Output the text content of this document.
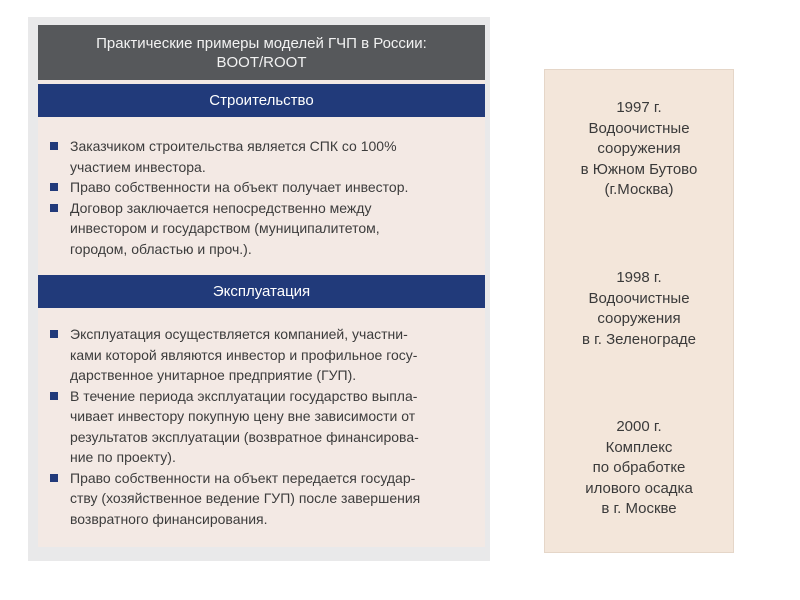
Практические примеры моделей ГЧП в России:
BOOT/ROOT
Строительство
Заказчиком строительства является СПК со 100%
участием инвестора.
Право собственности на объект получает инвестор.
Договор заключается непосредственно между
инвестором и государством (муниципалитетом,
городом, областью и проч.).
Эксплуатация
Эксплуатация осуществляется компанией, участни-
ками которой являются инвестор и профильное госу-
дарственное унитарное предприятие (ГУП).
В течение периода эксплуатации государство выпла-
чивает инвестору покупную цену вне зависимости от
результатов эксплуатации (возвратное финансирова-
ние по проекту).
Право собственности на объект передается государ-
ству (хозяйственное ведение ГУП) после завершения
возвратного финансирования.
1997 г.
Водоочистные
сооружения
в Южном Бутово
(г.Москва)
1998 г.
Водоочистные
сооружения
в г. Зеленограде
2000 г.
Комплекс
по обработке
илового осадка
в г. Москве
